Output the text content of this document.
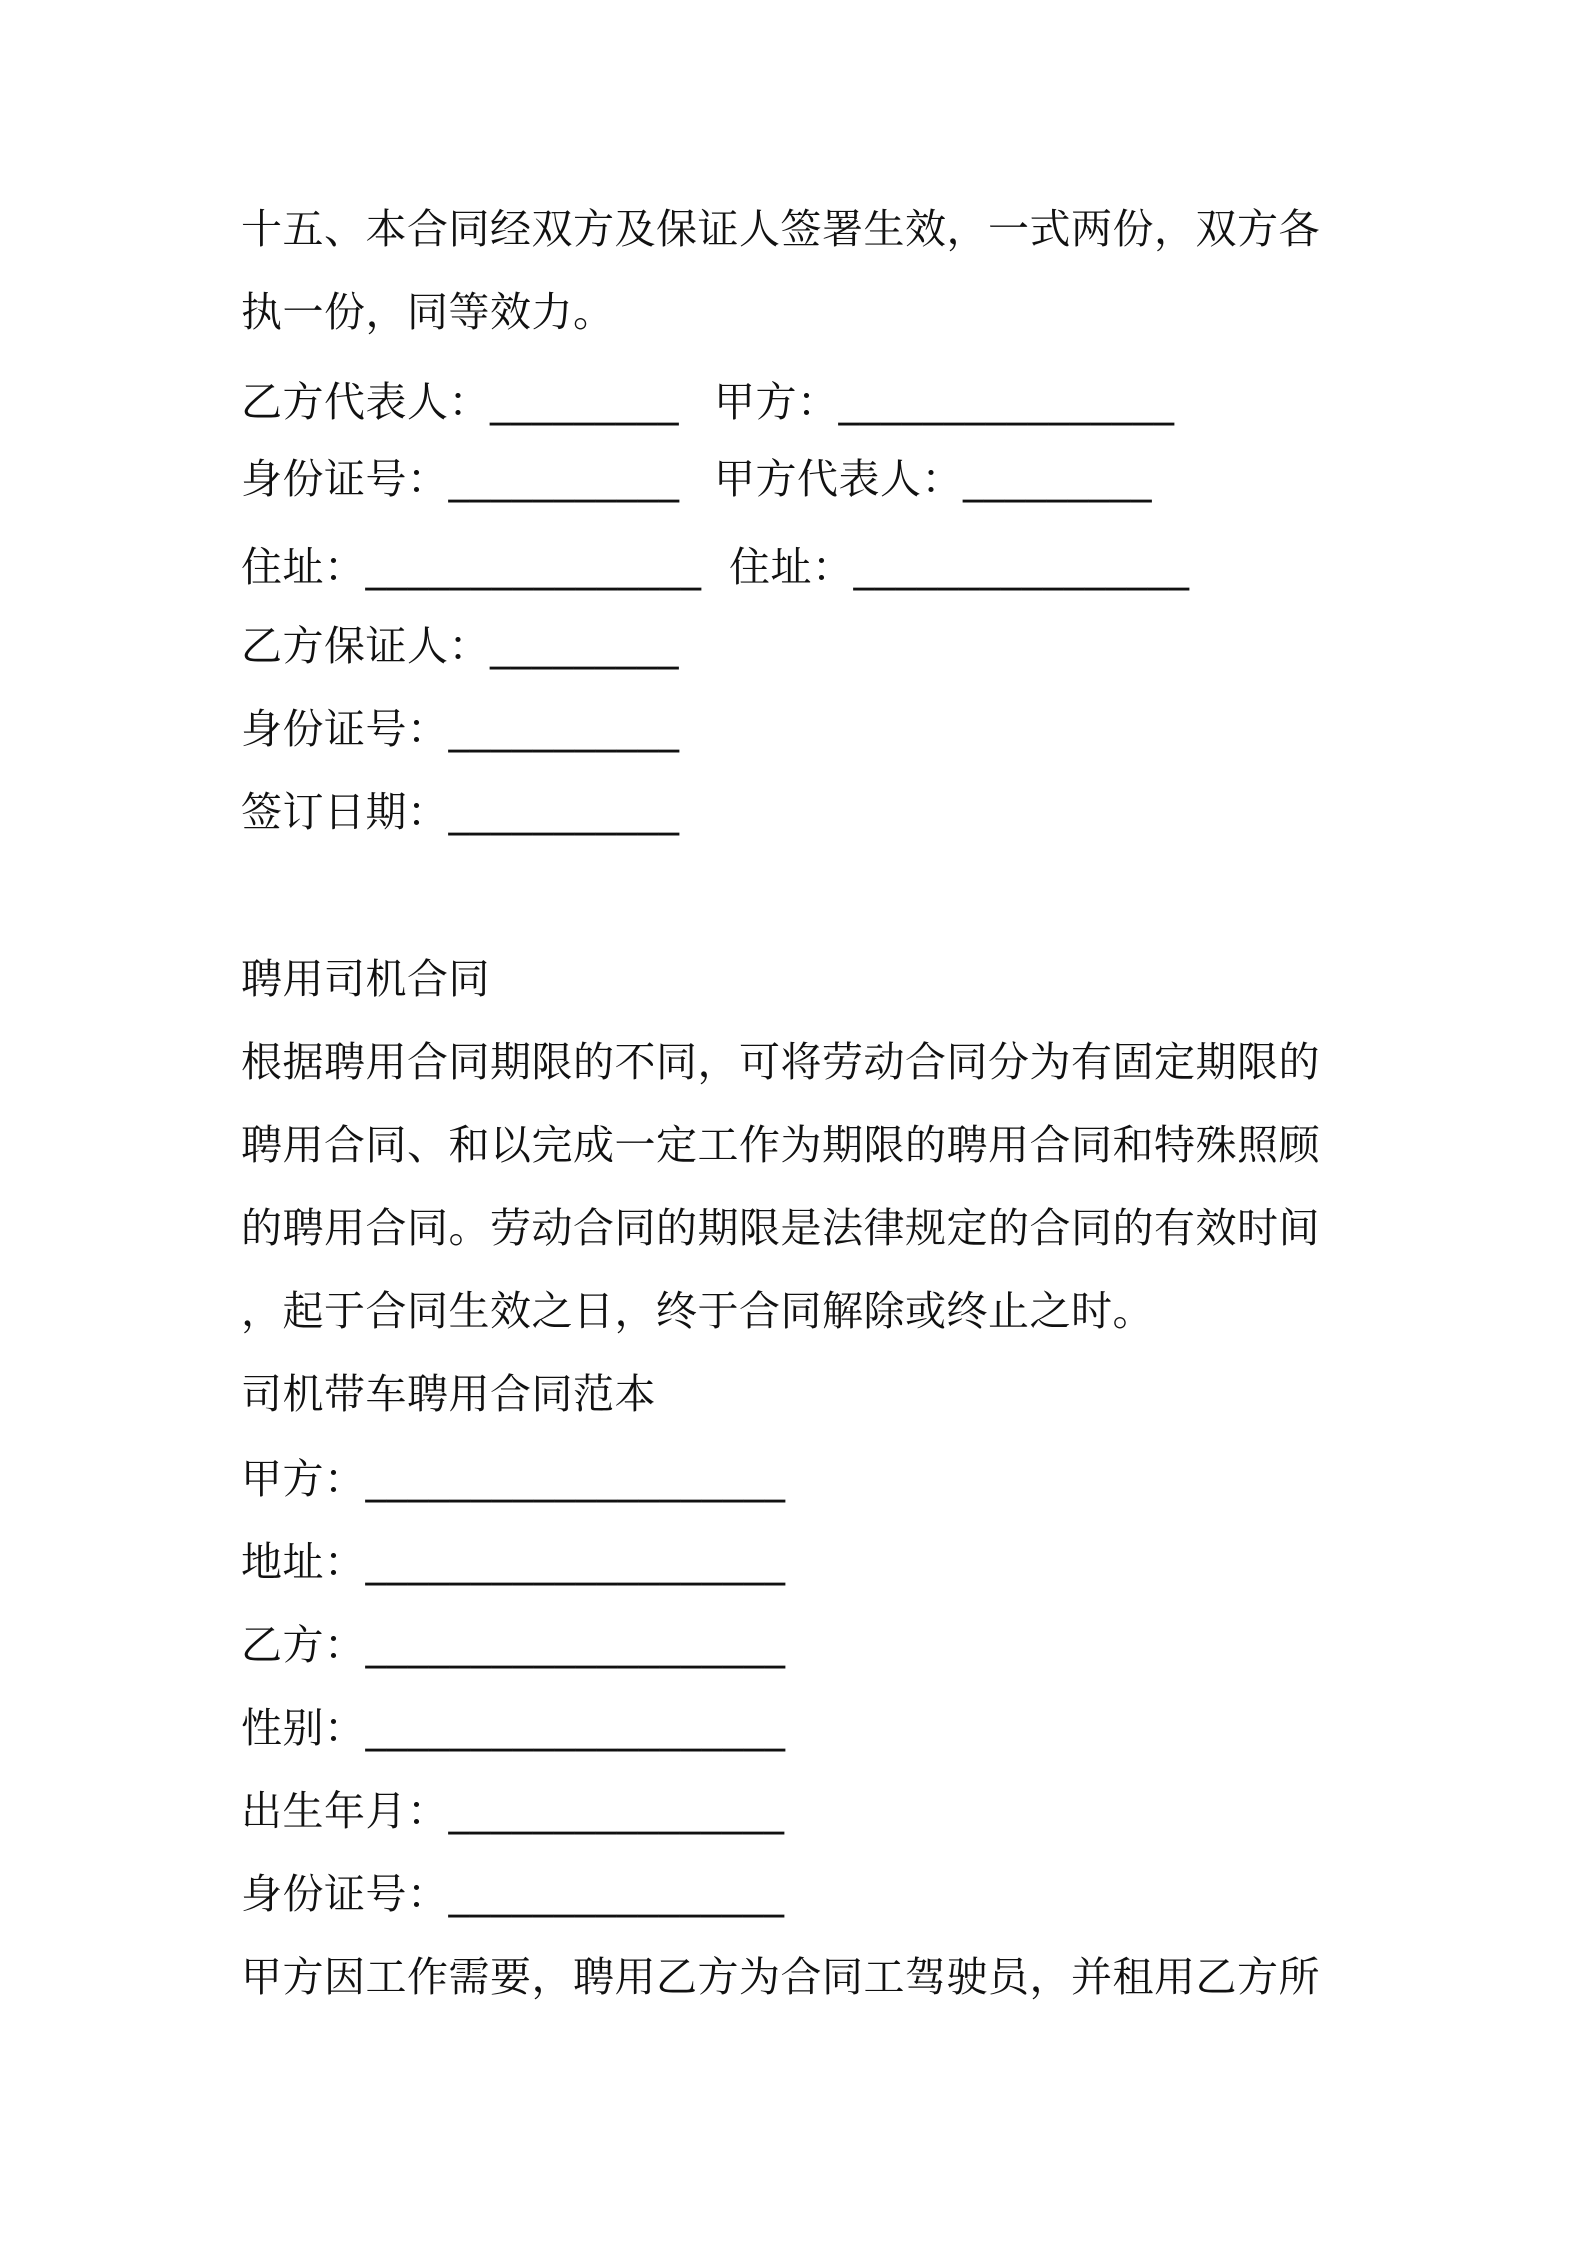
十五、本合同经双方及保证人签署生效，一式两份，双方各
执一份，同等效力。
乙方代表人：_________ 甲方：________________
身份证号：___________ 甲方代表人：_________
住址：________________ 住址：________________
乙方保证人：_________
身份证号：___________
签订日期：___________
聘用司机合同
根据聘用合同期限的不同，可将劳动合同分为有固定期限的
聘用合同、和以完成一定工作为期限的聘用合同和特殊照顾
的聘用合同。劳动合同的期限是法律规定的合同的有效时间
，起于合同生效之日，终于合同解除或终止之时。
司机带车聘用合同范本
甲方：____________________
地址：____________________
乙方：____________________
性别：____________________
出生年月：________________
身份证号：________________
甲方因工作需要，聘用乙方为合同工驾驶员，并租用乙方所
